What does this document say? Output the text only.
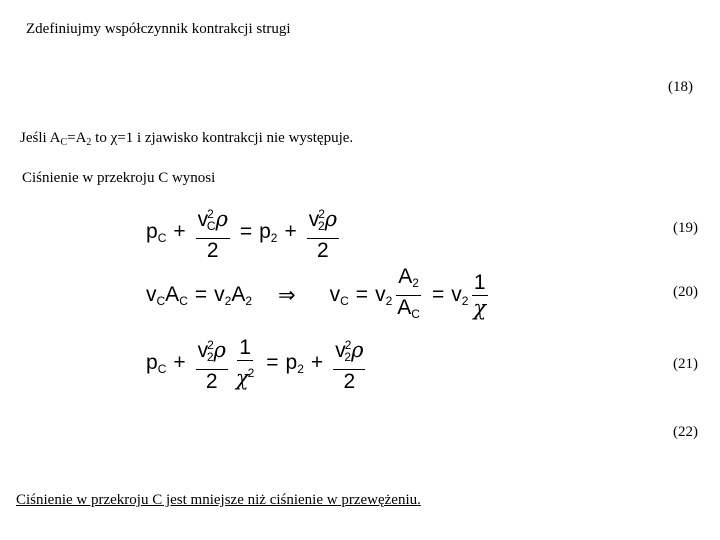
Zdefiniujmy współczynnik kontrakcji strugi
(18)
Jeśli $A_C=A_2$ to χ=1 i zjawisko kontrakcji nie występuje.
Ciśnienie w przekroju C wynosi
$p_C + \frac{v^2_C\rho}{2} = p_2 + \frac{v^2_2\rho}{2}$	(19)
$v_CA_C = v_2A_2$ ⇒ $v_C = v_2 \frac{A_2}{A_C} = v_2 \frac{1}{\chi}$	(20)
$p_C + \frac{v^2_2\rho}{2} \frac{1}{\chi^2} = p_2 + \frac{v^2_2\rho}{2}$	(21)
(22)
Ciśnienie w przekroju C jest mniejsze niż ciśnienie w przewężeniu.
